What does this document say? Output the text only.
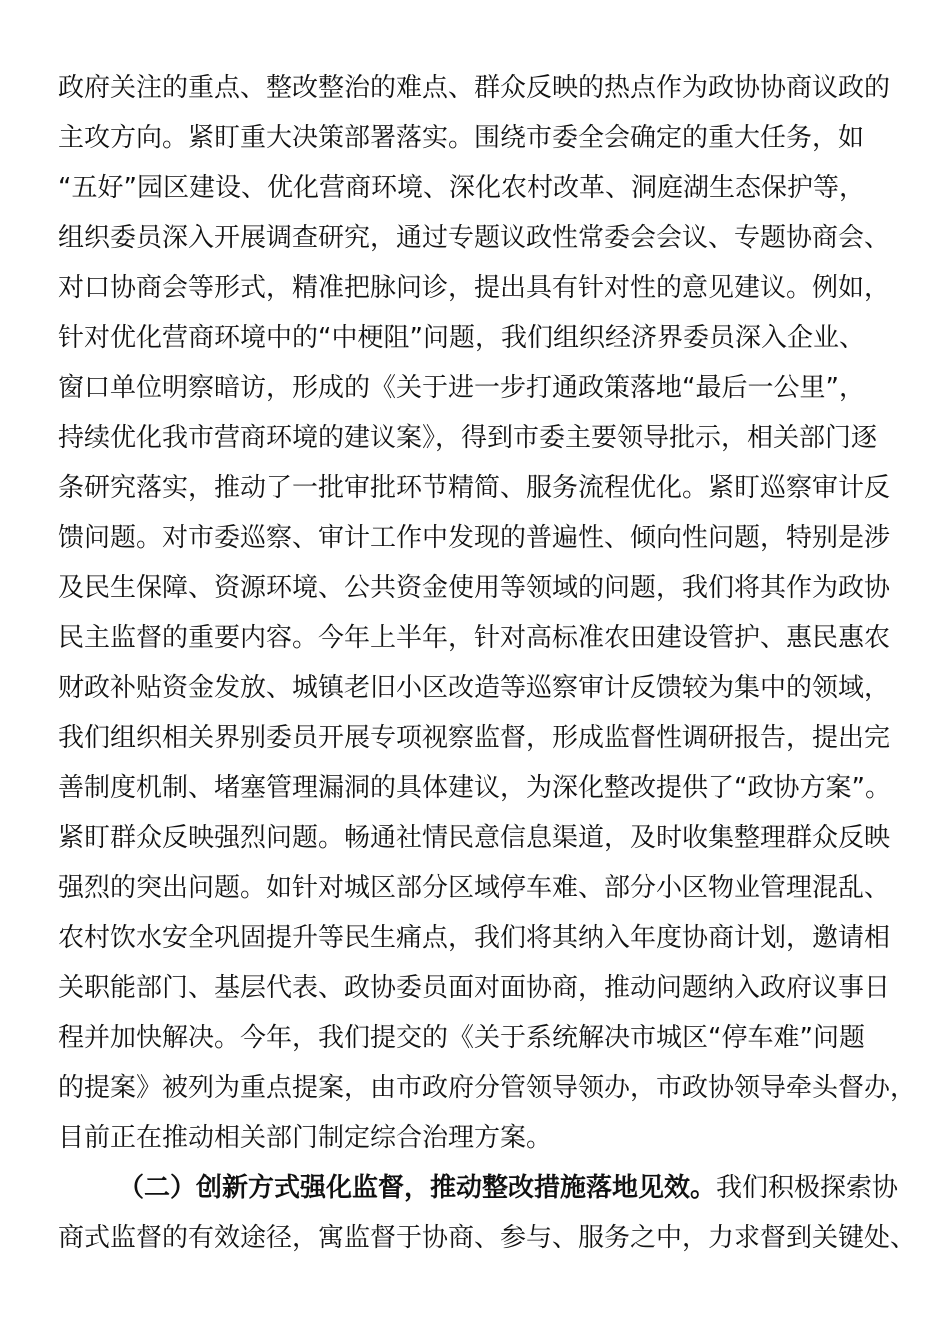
政府关注的重点、整改整治的难点、群众反映的热点作为政协协商议政的
主攻方向。紧盯重大决策部署落实。围绕市委全会确定的重大任务，如
“五好”园区建设、优化营商环境、深化农村改革、洞庭湖生态保护等，
组织委员深入开展调查研究，通过专题议政性常委会会议、专题协商会、
对口协商会等形式，精准把脉问诊，提出具有针对性的意见建议。例如，
针对优化营商环境中的“中梗阻”问题，我们组织经济界委员深入企业、
窗口单位明察暗访，形成的《关于进一步打通政策落地“最后一公里”，
持续优化我市营商环境的建议案》，得到市委主要领导批示，相关部门逐
条研究落实，推动了一批审批环节精简、服务流程优化。紧盯巡察审计反
馈问题。对市委巡察、审计工作中发现的普遍性、倾向性问题，特别是涉
及民生保障、资源环境、公共资金使用等领域的问题，我们将其作为政协
民主监督的重要内容。今年上半年，针对高标准农田建设管护、惠民惠农
财政补贴资金发放、城镇老旧小区改造等巡察审计反馈较为集中的领域，
我们组织相关界别委员开展专项视察监督，形成监督性调研报告，提出完
善制度机制、堵塞管理漏洞的具体建议，为深化整改提供了“政协方案”。
紧盯群众反映强烈问题。畅通社情民意信息渠道，及时收集整理群众反映
强烈的突出问题。如针对城区部分区域停车难、部分小区物业管理混乱、
农村饮水安全巩固提升等民生痛点，我们将其纳入年度协商计划，邀请相
关职能部门、基层代表、政协委员面对面协商，推动问题纳入政府议事日
程并加快解决。今年，我们提交的《关于系统解决市城区“停车难”问题
的提案》被列为重点提案，由市政府分管领导领办，市政协领导牵头督办，
目前正在推动相关部门制定综合治理方案。
（二）创新方式强化监督，推动整改措施落地见效。我们积极探索协
商式监督的有效途径，寓监督于协商、参与、服务之中，力求督到关键处、
